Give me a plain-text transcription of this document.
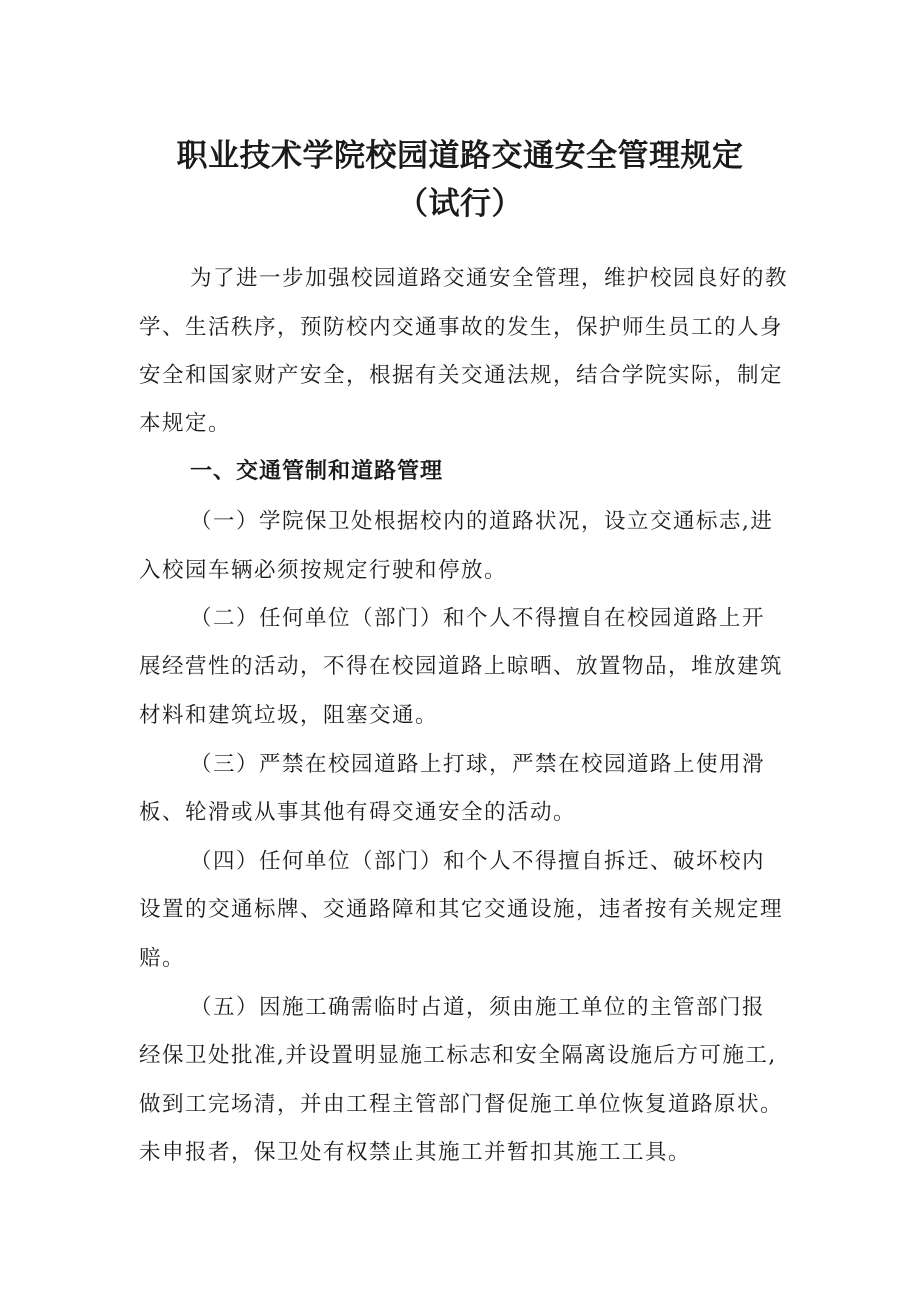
职业技术学院校园道路交通安全管理规定
（试行）
为了进一步加强校园道路交通安全管理，维护校园良好的教
学、生活秩序，预防校内交通事故的发生，保护师生员工的人身
安全和国家财产安全，根据有关交通法规，结合学院实际，制定
本规定。
一、交通管制和道路管理
（一）学院保卫处根据校内的道路状况，设立交通标志,进
入校园车辆必须按规定行驶和停放。
（二）任何单位（部门）和个人不得擅自在校园道路上开
展经营性的活动，不得在校园道路上晾晒、放置物品，堆放建筑
材料和建筑垃圾，阻塞交通。
（三）严禁在校园道路上打球，严禁在校园道路上使用滑
板、轮滑或从事其他有碍交通安全的活动。
（四）任何单位（部门）和个人不得擅自拆迁、破坏校内
设置的交通标牌、交通路障和其它交通设施，违者按有关规定理
赔。
（五）因施工确需临时占道，须由施工单位的主管部门报
经保卫处批准,并设置明显施工标志和安全隔离设施后方可施工,
做到工完场清，并由工程主管部门督促施工单位恢复道路原状。
未申报者，保卫处有权禁止其施工并暂扣其施工工具。
